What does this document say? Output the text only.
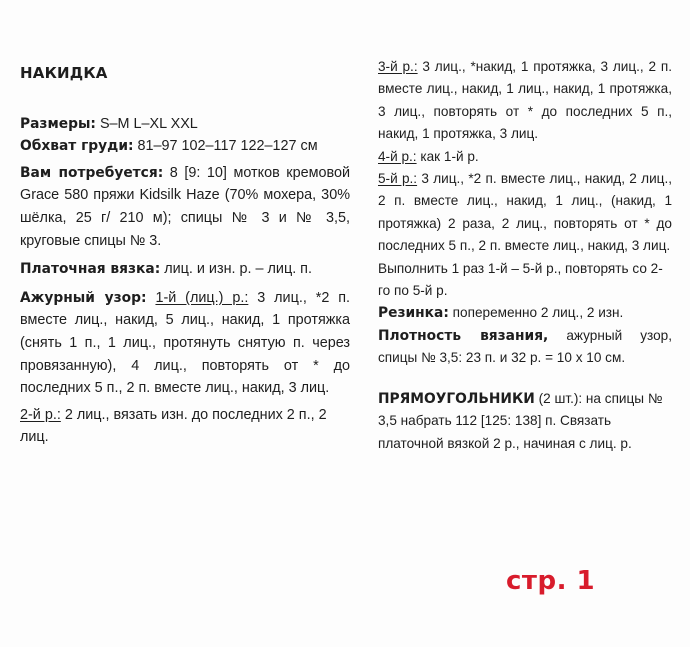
НАКИДКА

Размеры: S–M L–XL XXL

Обхват груди: 81–97 102–117 122–127 см

Вам потребуется: 8 [9: 10] мотков кремовой Grace 580 пряжи Kidsilk Haze (70% мохера, 30% шёлка, 25 г/ 210 м); спицы № 3 и № 3,5, круговые спицы № 3.

Платочная вязка: лиц. и изн. р. – лиц. п.

Ажурный узор: 1-й (лиц.) р.: 3 лиц., *2 п. вместе лиц., накид, 5 лиц., накид, 1 протяжка (снять 1 п., 1 лиц., протянуть снятую п. через провязанную), 4 лиц., повторять от * до последних 5 п., 2 п. вместе лиц., накид, 3 лиц.

2-й р.: 2 лиц., вязать изн. до последних 2 п., 2 лиц.

3-й р.: 3 лиц., *накид, 1 протяжка, 3 лиц., 2 п. вместе лиц., накид, 1 лиц., накид, 1 протяжка, 3 лиц., повторять от * до последних 5 п., накид, 1 протяжка, 3 лиц.

4-й р.: как 1-й р.

5-й р.: 3 лиц., *2 п. вместе лиц., накид, 2 лиц., 2 п. вместе лиц., накид, 1 лиц., (накид, 1 протяжка) 2 раза, 2 лиц., повторять от * до последних 5 п., 2 п. вместе лиц., накид, 3 лиц.

Выполнить 1 раз 1-й – 5-й р., повторять со 2-го по 5-й р.

Резинка: попеременно 2 лиц., 2 изн.

Плотность вязания, ажурный узор, спицы № 3,5: 23 п. и 32 р. = 10 х 10 см.

ПРЯМОУГОЛЬНИКИ (2 шт.): на спицы № 3,5 набрать 112 [125: 138] п. Связать платочной вязкой 2 р., начиная с лиц. р.

стр. 1
